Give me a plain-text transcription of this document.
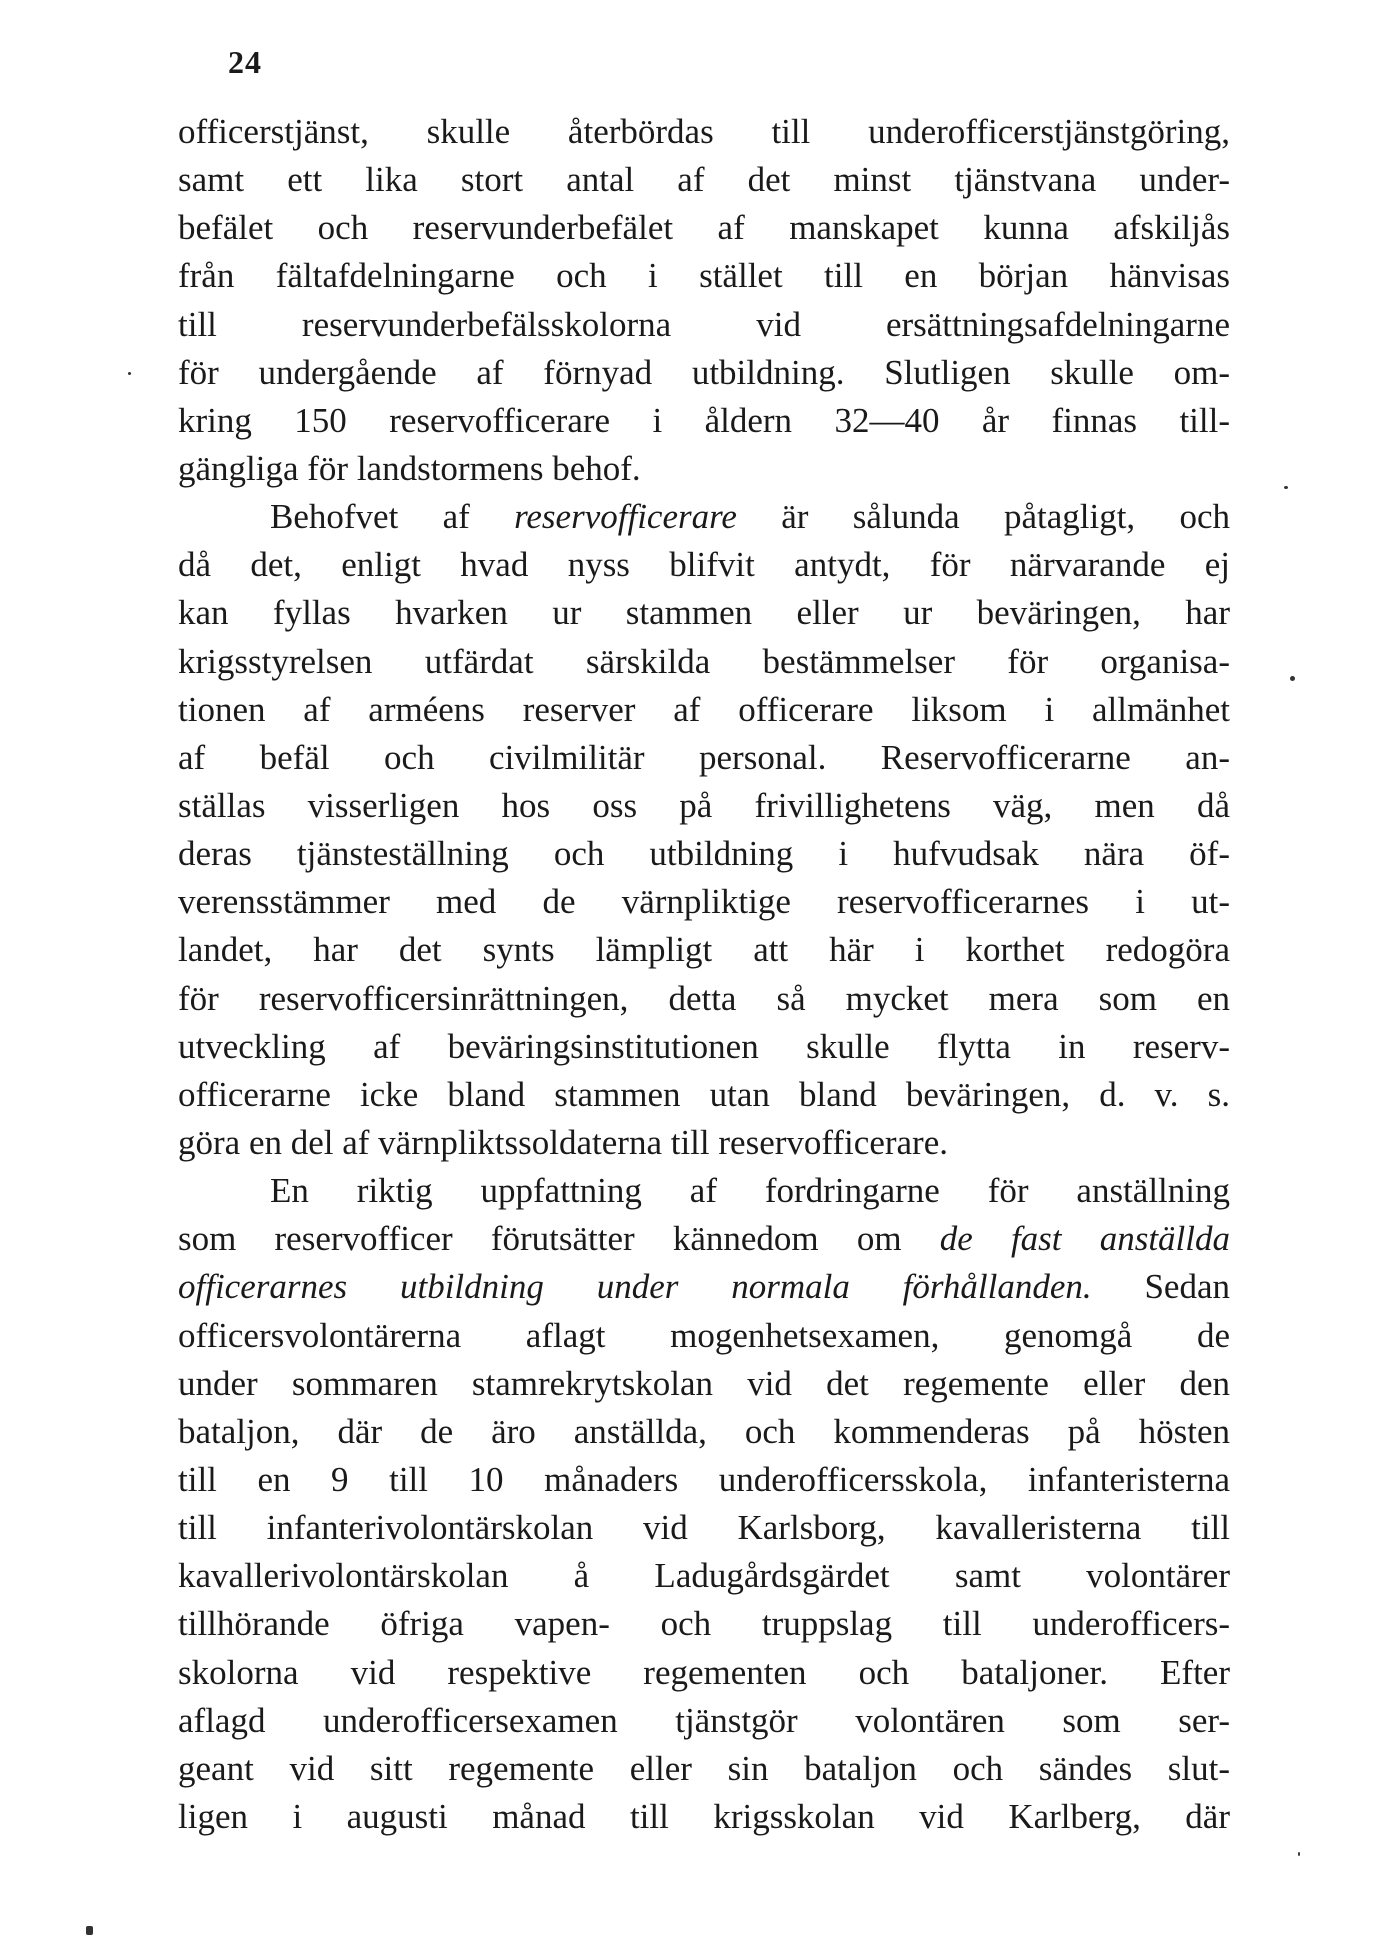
24
officerstjänst, skulle återbördas till underofficerstjänstgöring,
samt ett lika stort antal af det minst tjänstvana under-
befälet och reservunderbefälet af manskapet kunna afskiljås
från fältafdelningarne och i stället till en början hänvisas
till reservunderbefälsskolorna vid ersättningsafdelningarne
för undergående af förnyad utbildning. Slutligen skulle om-
kring 150 reservofficerare i åldern 32—40 år finnas till-
gängliga för landstormens behof.
Behofvet af reservofficerare är sålunda påtagligt, och
då det, enligt hvad nyss blifvit antydt, för närvarande ej
kan fyllas hvarken ur stammen eller ur beväringen, har
krigsstyrelsen utfärdat särskilda bestämmelser för organisa-
tionen af arméens reserver af officerare liksom i allmänhet
af befäl och civilmilitär personal. Reservofficerarne an-
ställas visserligen hos oss på frivillighetens väg, men då
deras tjänsteställning och utbildning i hufvudsak nära öf-
verensstämmer med de värnpliktige reservofficerarnes i ut-
landet, har det synts lämpligt att här i korthet redogöra
för reservofficersinrättningen, detta så mycket mera som en
utveckling af beväringsinstitutionen skulle flytta in reserv-
officerarne icke bland stammen utan bland beväringen, d. v. s.
göra en del af värnpliktssoldaterna till reservofficerare.
En riktig uppfattning af fordringarne för anställning
som reservofficer förutsätter kännedom om de fast anställda
officerarnes utbildning under normala förhållanden. Sedan
officersvolontärerna aflagt mogenhetsexamen, genomgå de
under sommaren stamrekrytskolan vid det regemente eller den
bataljon, där de äro anställda, och kommenderas på hösten
till en 9 till 10 månaders underofficersskola, infanteristerna
till infanterivolontärskolan vid Karlsborg, kavalleristerna till
kavallerivolontärskolan å Ladugårdsgärdet samt volontärer
tillhörande öfriga vapen- och truppslag till underofficers-
skolorna vid respektive regementen och bataljoner. Efter
aflagd underofficersexamen tjänstgör volontären som ser-
geant vid sitt regemente eller sin bataljon och sändes slut-
ligen i augusti månad till krigsskolan vid Karlberg, där
